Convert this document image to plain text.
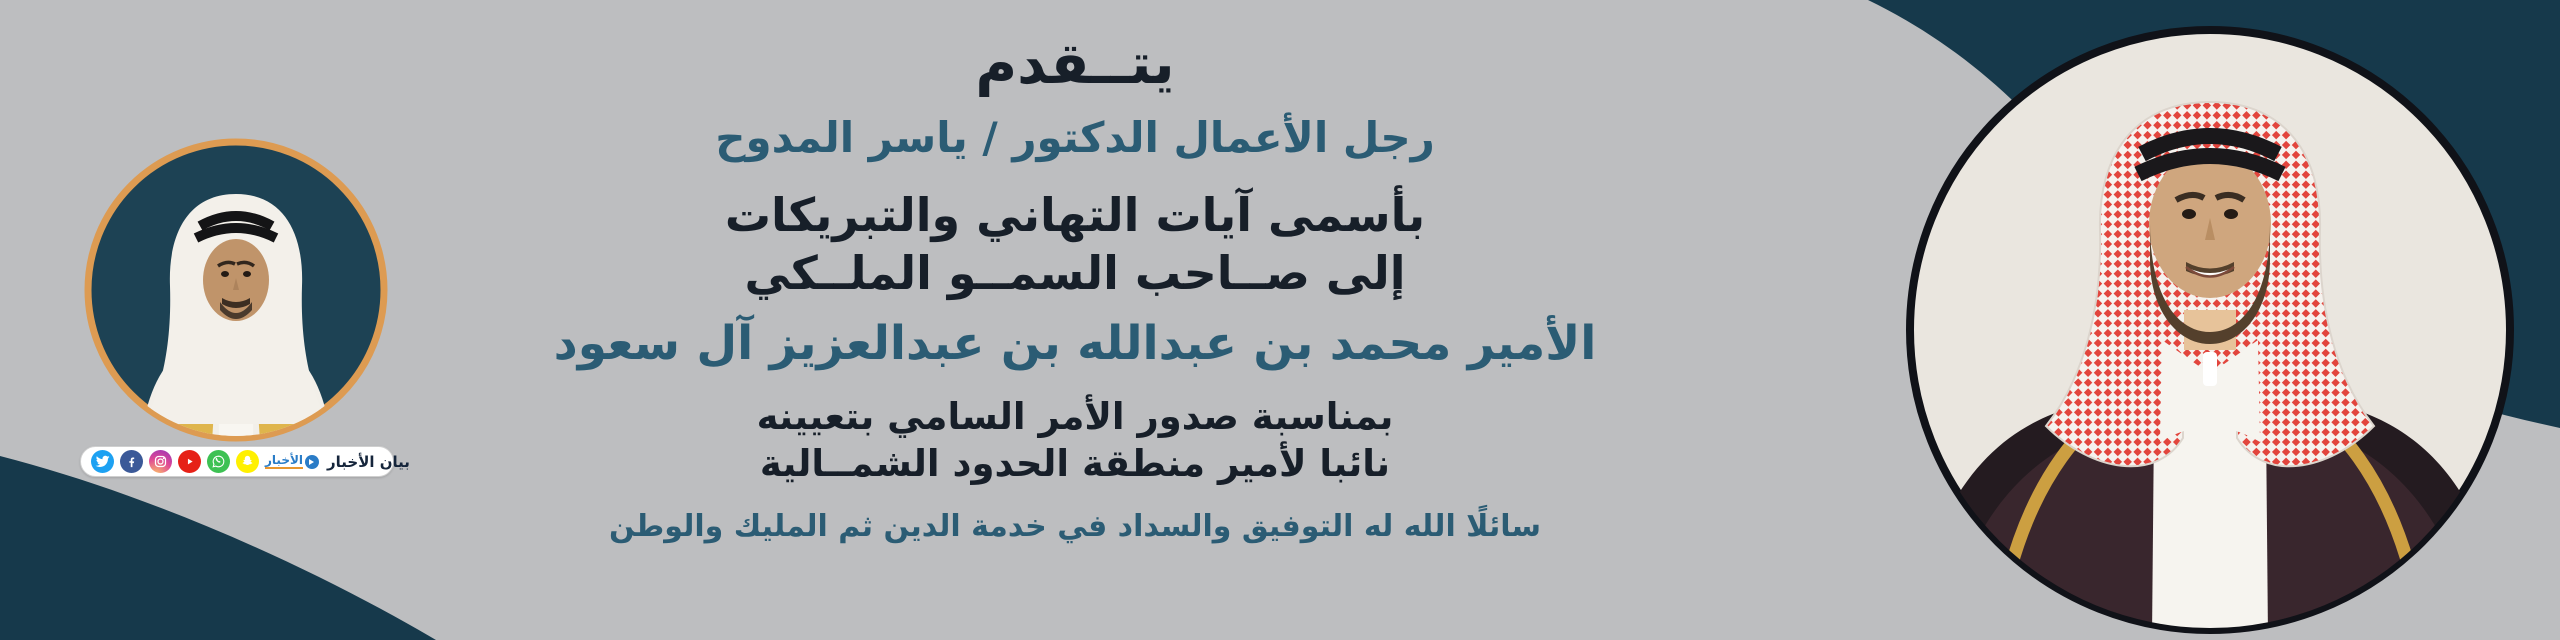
يتــقدم
رجل الأعمال الدكتور / ياسر المدوح
بأسمى آيات التهاني والتبريكات
إلى صــاحب السمــو الملــكي
الأمير محمد بن عبدالله بن عبدالعزيز آل سعود
بمناسبة صدور الأمر السامي بتعيينه
نائبا لأمير منطقة الحدود الشمــالية
سائلًا الله له التوفيق والسداد في خدمة الدين ثم المليك والوطن
الأخبار بيان الأخبار
